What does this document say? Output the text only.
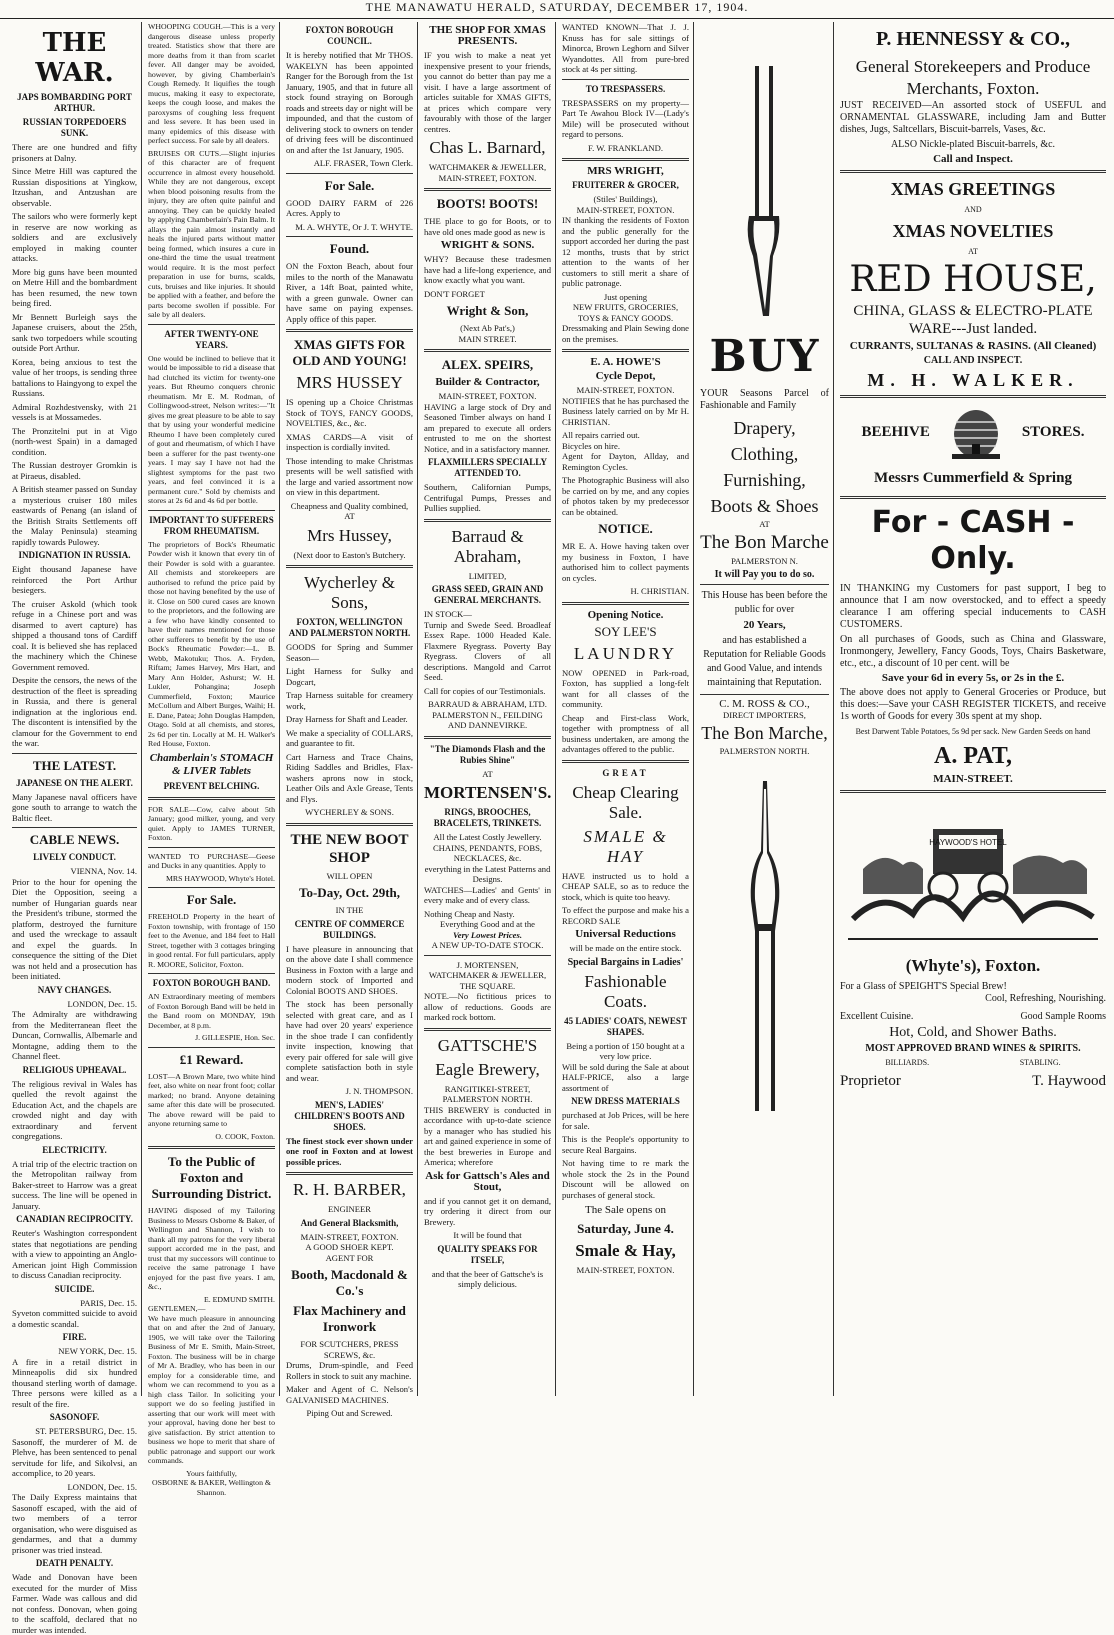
THE MANAWATU HERALD, SATURDAY, DECEMBER 17, 1904.
THE WAR.
JAPS BOMBARDING PORT ARTHUR.
RUSSIAN TORPEDOERS SUNK.

There are one hundred and fifty prisoners at Dalny.

Since Metre Hill was captured the Russian dispositions at Yingkow, Itzushan, and Antzushan are observable.

The sailors who were formerly kept in reserve are now working as soldiers and are exclusively employed in making counter attacks.

More big guns have been mounted on Metre Hill and the bombardment has been resumed, the new town being fired.

Mr Bennett Burleigh says the Japanese cruisers, about the 25th, sank two torpedoers while scouting outside Port Arthur.

Korea, being anxious to test the value of her troops, is sending three battalions to Haingyong to expel the Russians.

Admiral Rozhdestvensky, with 21 vessels is at Mossamedes.

The Pronzitelni put in at Vigo (north-west Spain) in a damaged condition.

The Russian destroyer Gromkin is at Piraeus, disabled.

A British steamer passed on Sunday a mysterious cruiser 180 miles eastwards of Penang (an island of the British Straits Settlements off the Malay Peninsula) steaming rapidly towards Pulowey.

INDIGNATION IN RUSSIA.

Eight thousand Japanese have reinforced the Port Arthur besiegers.

The cruiser Askold (which took refuge in a Chinese port and was disarmed to avert capture) has shipped a thousand tons of Cardiff coal. It is believed she has replaced the machinery which the Chinese Government removed.

Despite the censors, the news of the destruction of the fleet is spreading in Russia, and there is general indignation at the inglorious end. The discontent is intensified by the clamour for the Government to end the war.

THE LATEST.
JAPANESE ON THE ALERT.

Many Japanese naval officers have gone south to arrange to watch the Baltic fleet.

CABLE NEWS.
LIVELY CONDUCT.
VIENNA, Nov. 14.

Prior to the hour for opening the Diet the Opposition, seeing a number of Hungarian guards near the President's tribune, stormed the platform, destroyed the furniture and used the wreckage to assault and expel the guards. In consequence the sitting of the Diet was not held and a prosecution has been initiated.

NAVY CHANGES.
LONDON, Dec. 15.

The Admiralty are withdrawing from the Mediterranean fleet the Duncan, Cornwallis, Albemarle and Montagne, adding them to the Channel fleet.

RELIGIOUS UPHEAVAL.

The religious revival in Wales has quelled the revolt against the Education Act, and the chapels are crowded night and day with extraordinary and fervent congregations.

ELECTRICITY.

A trial trip of the electric traction on the Metropolitan railway from Baker-street to Harrow was a great success. The line will be opened in January.

CANADIAN RECIPROCITY.

Reuter's Washington correspondent states that negotiations are pending with a view to appointing an Anglo-American joint High Commission to discuss Canadian reciprocity.

SUICIDE.
PARIS, Dec. 15.

Syveton committed suicide to avoid a domestic scandal.

FIRE.
NEW YORK, Dec. 15.

A fire in a retail district in Minneapolis did six hundred thousand sterling worth of damage. Three persons were killed as a result of the fire.

SASONOFF.
ST. PETERSBURG, Dec. 15.

Sasonoff, the murderer of M. de Plehve, has been sentenced to penal servitude for life, and Sikolvsi, an accomplice, to 20 years.

LONDON, Dec. 15.

The Daily Express maintains that Sasonoff escaped, with the aid of two members of a terror organisation, who were disguised as gendarmes, and that a dummy prisoner was tried instead.

DEATH PENALTY.

Wade and Donovan have been executed for the murder of Miss Farmer. Wade was callous and did not confess. Donovan, when going to the scaffold, declared that no murder was intended.

WHOOPING COUGH.—This is a very dangerous disease unless properly treated. Statistics show that there are more deaths from it than from scarlet fever. All danger may be avoided, however, by giving Chamberlain's Cough Remedy. It liquifies the tough mucus, making it easy to expectorate, keeps the cough loose, and makes the paroxysms of coughing less frequent and less severe. It has been used in many epidemics of this disease with perfect success. For sale by all dealers.

BRUISES OR CUTS.—Slight injuries of this character are of frequent occurrence in almost every household. While they are not dangerous, except when blood poisoning results from the injury, they are often quite painful and annoying. They can be quickly healed by applying Chamberlain's Pain Balm. It allays the pain almost instantly and heals the injured parts without matter being formed, which insures a cure in one-third the time the usual treatment would require. It is the most perfect preparation in use for burns, scalds, cuts, bruises and like injuries. It should be applied with a feather, and before the parts become swollen if possible. For sale by all dealers.

AFTER TWENTY-ONE YEARS.

One would be inclined to believe that it would be impossible to rid a disease that had clutched its victim for twenty-one years. But Rheumo conquers chronic rheumatism. Mr E. M. Rodman, of Collingwood-street, Nelson writes:—"It gives me great pleasure to be able to say that by using your wonderful medicine Rheumo I have been completely cured of gout and rheumatism, of which I have been a sufferer for the past twenty-one years. I may say I have not had the slightest symptoms for the past two years, and feel convinced it is a permanent cure." Sold by chemists and stores at 2s 6d and 4s 6d per bottle.

IMPORTANT TO SUFFERERS FROM RHEUMATISM.

The proprietors of Bock's Rheumatic Powder wish it known that every tin of their Powder is sold with a guarantee. All chemists and storekeepers are authorised to refund the price paid by those not having benefited by the use of it. Close on 500 cured cases are known to the proprietors, and the following are a few who have kindly consented to have their names mentioned for those other sufferers to benefit by the use of Bock's Rheumatic Powder:—L. B. Webb, Makotuku; Thos. A. Fryden, Riftam; James Harvey, Mrs Hart, and Mary Ann Holder, Ashurst; W. H. Lukler, Pohangina; Joseph Cummerfield, Foxton; Maurice McCollum and Albert Burges, Waihi; H. E. Dane, Patea; John Douglas Hampden, Otago. Sold at all chemists, and stores, 2s 6d per tin. Locally at M. H. Walker's Red House, Foxton.

Chamberlain's STOMACH & LIVER Tablets
PREVENT BELCHING.

FOR SALE—Cow, calve about 5th January; good milker, young, and very quiet. Apply to JAMES TURNER, Foxton.

WANTED TO PURCHASE—Geese and Ducks in any quantities. Apply to

MRS HAYWOOD, Whyte's Hotel.
For Sale.

FREEHOLD Property in the heart of Foxton township, with frontage of 150 feet to the Avenue, and 184 feet to Hall Street, together with 3 cottages bringing in good rental. For full particulars, apply R. MOORE, Solicitor, Foxton.

FOXTON BOROUGH BAND.

AN Extraordinary meeting of members of Foxton Borough Band will be held in the Band room on MONDAY, 19th December, at 8 p.m.

J. GILLESPIE, Hon. Sec.
£1 Reward.

LOST—A Brown Mare, two white hind feet, also white on near front foot; collar marked; no brand. Anyone detaining same after this date will be prosecuted. The above reward will be paid to anyone returning same to

O. COOK, Foxton.
To the Public of Foxton and Surrounding District.

HAVING disposed of my Tailoring Business to Messrs Osborne & Baker, of Wellington and Shannon, I wish to thank all my patrons for the very liberal support accorded me in the past, and trust that my successors will continue to receive the same patronage I have enjoyed for the past five years. I am, &c.,

E. EDMUND SMITH.
GENTLEMEN,—

We have much pleasure in announcing that on and after the 2nd of January, 1905, we will take over the Tailoring Business of Mr E. Smith, Main-Street, Foxton. The business will be in charge of Mr A. Bradley, who has been in our employ for a considerable time, and whom we can recommend to you as a high class Tailor. In soliciting your support we do so feeling justified in asserting that our work will meet with your approval, having done her best to give satisfaction. By strict attention to business we hope to merit that share of public patronage and support our work commands.

Yours faithfully,
OSBORNE & BAKER, Wellington & Shannon.
FOXTON BOROUGH COUNCIL.

It is hereby notified that Mr THOS. WAKELYN has been appointed Ranger for the Borough from the 1st January, 1905, and that in future all stock found straying on Borough roads and streets day or night will be impounded, and that the custom of delivering stock to owners on tender of driving fees will be discontinued on and after the 1st January, 1905.

ALF. FRASER, Town Clerk.
For Sale.

GOOD DAIRY FARM of 226 Acres. Apply to

M. A. WHYTE, Or J. T. WHYTE.
Found.

ON the Foxton Beach, about four miles to the north of the Manawatu River, a 14ft Boat, painted white, with a green gunwale. Owner can have same on paying expenses. Apply office of this paper.

XMAS GIFTS FOR OLD AND YOUNG!
MRS HUSSEY

IS opening up a Choice Christmas Stock of TOYS, FANCY GOODS, NOVELTIES, &c., &c.

XMAS CARDS—A visit of inspection is cordially invited.

Those intending to make Christmas presents will be well satisfied with the large and varied assortment now on view in this department.

Cheapness and Quality combined,
AT
Mrs Hussey,
(Next door to Easton's Butchery.
Wycherley & Sons,
FOXTON, WELLINGTON AND PALMERSTON NORTH.

GOODS for Spring and Summer Season—

Light Harness for Sulky and Dogcart,

Trap Harness suitable for creamery work,

Dray Harness for Shaft and Leader.

We make a speciality of COLLARS, and guarantee to fit.

Cart Harness and Trace Chains, Riding Saddles and Bridles, Flax-washers aprons now in stock, Leather Oils and Axle Grease, Tents and Flys.

WYCHERLEY & SONS.
THE NEW BOOT SHOP
WILL OPEN
To-Day, Oct. 29th,
IN THE
CENTRE OF COMMERCE BUILDINGS.

I have pleasure in announcing that on the above date I shall commence Business in Foxton with a large and modern stock of Imported and Colonial BOOTS AND SHOES.

The stock has been personally selected with great care, and as I have had over 20 years' experience in the shoe trade I can confidently invite inspection, knowing that every pair offered for sale will give complete satisfaction both in style and wear.

J. N. THOMPSON.
MEN'S, LADIES' CHILDREN'S BOOTS AND SHOES.

The finest stock ever shown under one roof in Foxton and at lowest possible prices.

R. H. BARBER,
ENGINEER
And General Blacksmith,
MAIN-STREET, FOXTON.
A GOOD SHOER KEPT.
AGENT FOR
Booth, Macdonald & Co.'s
Flax Machinery and Ironwork
FOR SCUTCHERS, PRESS SCREWS, &c.

Drums, Drum-spindle, and Feed Rollers in stock to suit any machine.

Maker and Agent of C. Nelson's GALVANISED MACHINES.

Piping Out and Screwed.
THE SHOP FOR XMAS PRESENTS.

IF you wish to make a neat yet inexpensive present to your friends, you cannot do better than pay me a visit. I have a large assortment of articles suitable for XMAS GIFTS, at prices which compare very favourably with those of the larger centres.

Chas L. Barnard,
WATCHMAKER & JEWELLER,
MAIN-STREET, FOXTON.
BOOTS! BOOTS!

THE place to go for Boots, or to have old ones made good as new is

WRIGHT & SONS.

WHY? Because these tradesmen have had a life-long experience, and know exactly what you want.

DON'T FORGET
Wright & Son,
(Next Ab Pat's,)
MAIN STREET.
ALEX. SPEIRS,
Builder & Contractor,
MAIN-STREET, FOXTON.

HAVING a large stock of Dry and Seasoned Timber always on hand I am prepared to execute all orders entrusted to me on the shortest Notice, and in a satisfactory manner.

FLAXMILLERS SPECIALLY ATTENDED TO.

Southern, Californian Pumps, Centrifugal Pumps, Presses and Pullies supplied.

Barraud & Abraham,
LIMITED,
GRASS SEED, GRAIN AND GENERAL MERCHANTS.
IN STOCK—

Turnip and Swede Seed. Broadleaf Essex Rape. 1000 Headed Kale. Flaxmere Ryegrass. Poverty Bay Ryegrass. Clovers of all descriptions. Mangold and Carrot Seed.

Call for copies of our Testimonials.

BARRAUD & ABRAHAM, LTD.
PALMERSTON N., FEILDING AND DANNEVIRKE.
"The Diamonds Flash and the Rubies Shine"
AT
MORTENSEN'S.
RINGS, BROOCHES, BRACELETS, TRINKETS.
All the Latest Costly Jewellery.
CHAINS, PENDANTS, FOBS, NECKLACES, &c.
everything in the Latest Patterns and Designs.

WATCHES—Ladies' and Gents' in every make and of every class.

Nothing Cheap and Nasty.
Everything Good and at the
Very Lowest Prices.
A NEW UP-TO-DATE STOCK.
J. MORTENSEN,
WATCHMAKER & JEWELLER,
THE SQUARE.

NOTE.—No fictitious prices to allow of reductions. Goods are marked rock bottom.

GATTSCHE'S
Eagle Brewery,
RANGITIKEI-STREET,
PALMERSTON NORTH.

THIS BREWERY is conducted in accordance with up-to-date science by a manager who has studied his art and gained experience in some of the best breweries in Europe and America; wherefore

Ask for Gattsch's Ales and Stout,

and if you cannot get it on demand, try ordering it direct from our Brewery.

It will be found that
QUALITY SPEAKS FOR ITSELF,
and that the beer of Gattsche's is simply delicious.

WANTED KNOWN—That J. J. Knuss has for sale sittings of Minorca, Brown Leghorn and Silver Wyandottes. All from pure-bred stock at 4s per sitting.

TO TRESPASSERS.

TRESPASSERS on my property—Part Te Awahou Block IV—(Lady's Mile) will be prosecuted without regard to persons.

F. W. FRANKLAND.
MRS WRIGHT,
FRUITERER & GROCER,
(Stiles' Buildings),
MAIN-STREET, FOXTON.

IN thanking the residents of Foxton and the public generally for the support accorded her during the past 12 months, trusts that by strict attention to the wants of her customers to still merit a share of public patronage.

Just opening
NEW FRUITS, GROCERIES, TOYS & FANCY GOODS.

Dressmaking and Plain Sewing done on the premises.

E. A. HOWE'S
Cycle Depot,
MAIN-STREET, FOXTON.

NOTIFIES that he has purchased the Business lately carried on by Mr H. CHRISTIAN.

All repairs carried out.
Bicycles on hire.

Agent for Dayton, Allday, and Remington Cycles.

The Photographic Business will also be carried on by me, and any copies of photos taken by my predecessor can be obtained.

NOTICE.

MR E. A. Howe having taken over my business in Foxton, I have authorised him to collect payments on cycles.

H. CHRISTIAN.
Opening Notice.
SOY LEE'S
LAUNDRY

NOW OPENED in Park-road, Foxton, has supplied a long-felt want for all classes of the community.

Cheap and First-class Work, together with promptness of all business undertaken, are among the advantages offered to the public.

GREAT
Cheap Clearing Sale.
SMALE & HAY

HAVE instructed us to hold a CHEAP SALE, so as to reduce the stock, which is quite too heavy.

To effect the purpose and make his a RECORD SALE

Universal Reductions
will be made on the entire stock.
Special Bargains in Ladies'
Fashionable Coats.
45 LADIES' COATS, NEWEST SHAPES.
Being a portion of 150 bought at a very low price.

Will be sold during the Sale at about HALF-PRICE, also a large assortment of

NEW DRESS MATERIALS

purchased at Job Prices, will be here for sale.

This is the People's opportunity to secure Real Bargains.

Not having time to re mark the whole stock the 2s in the Pound Discount will be allowed on purchases of general stock.

The Sale opens on
Saturday, June 4.
Smale & Hay,
MAIN-STREET, FOXTON.
BUY

YOUR Seasons Parcel of Fashionable and Family

Drapery,
Clothing,
Furnishing,
Boots & Shoes
AT
The Bon Marche
PALMERSTON N.
It will Pay you to do so.
This House has been before the public for over
20 Years,
and has established a Reputation for Reliable Goods and Good Value, and intends maintaining that Reputation.
C. M. ROSS & CO.,
DIRECT IMPORTERS,
The Bon Marche,
PALMERSTON NORTH.
P. HENNESSY & CO.,
General Storekeepers and Produce Merchants, Foxton.

JUST RECEIVED—An assorted stock of USEFUL and ORNAMENTAL GLASSWARE, including Jam and Butter dishes, Jugs, Saltcellars, Biscuit-barrels, Vases, &c.

ALSO Nickle-plated Biscuit-barrels, &c.
Call and Inspect.
XMAS GREETINGS
AND
XMAS NOVELTIES
AT
RED HOUSE,
CHINA, GLASS & ELECTRO-PLATE WARE---Just landed.
CURRANTS, SULTANAS & RASINS. (All Cleaned)
CALL AND INSPECT.
M. H. WALKER.
BEEHIVE	STORES.
Messrs Cummerfield & Spring
For - CASH - Only.

IN THANKING my Customers for past support, I beg to announce that I am now overstocked, and to effect a speedy clearance I am offering special inducements to CASH CUSTOMERS.

On all purchases of Goods, such as China and Glassware, Ironmongery, Jewellery, Fancy Goods, Toys, Chairs Basketware, etc., etc., a discount of 10 per cent. will be

Save your 6d in every 5s, or 2s in the £.

The above does not apply to General Groceries or Produce, but this does:—Save your CASH REGISTER TICKETS, and receive 1s worth of Goods for every 30s spent at my shop.

Best Darwent Table Potatoes, 5s 9d per sack. New Garden Seeds on hand
A. PAT,
MAIN-STREET.
HAYWOOD'S HOTEL
(Whyte's), Foxton.
For a Glass of SPEIGHT'S Special Brew!
Cool, Refreshing, Nourishing.
Excellent Cuisine.	Good Sample Rooms
Hot, Cold, and Shower Baths.
MOST APPROVED BRAND WINES & SPIRITS.
BILLIARDS.	STABLING.
Proprietor	T. Haywood
